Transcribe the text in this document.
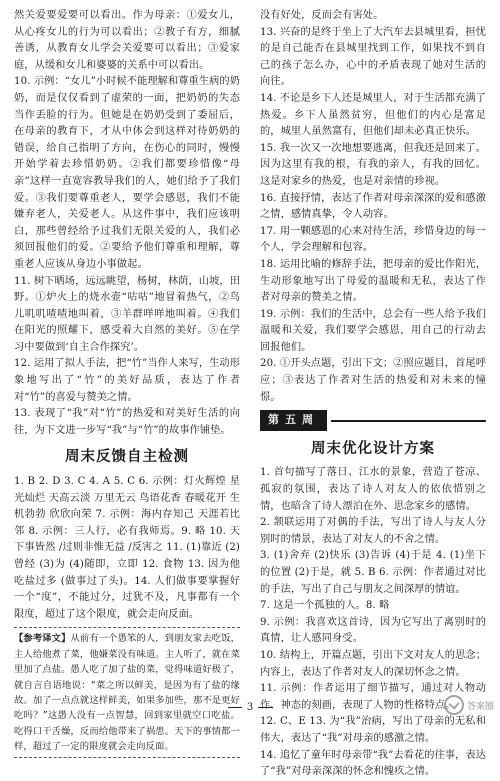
然关爱要爱要可以看出。作为母亲：①爱女儿，从心疼女儿的行为可以看出；②教子有方，细腻善诱，从教育女儿学会关爱要可以看出；③爱家庭，从缓和女儿和婆婆的关系中可以看出。

10. 示例：“女儿”小时候不能理解和尊重生病的奶奶，而是仅仅看到了虚荣的一面，把奶奶的失态当作丢脸的行为。但她是在奶奶受到了委屈后，在母亲的教育下，才从中体会到这样对待奶奶的错误，给自己指明了方向，在伤心的同时，慢慢开始学着去珍惜奶奶。②我们都要珍惜像“母亲”这样一直宽容教导我们的人，她们给予了我们爱。③我们要尊重老人，要学会感恩，我们不能嫌弃老人，关爱老人。从这件事中，我们应该明白，那些曾经给予过我们无限关爱的人，我们必须回报他们的爱。②要给予他们尊重和理解，尊重老人应该从身边小事做起。

11. 树下晒场，远远眺望，杨树，林荫，山坡，田野。①炉火上的烧水壶“咕咕”地冒着热气，②鸟儿叽叽喳喳地叫着，③羊群咩咩地叫着。④我们在阳光的照耀下，感受着大自然的美好。⑤在学习中要做到‘自主合作探究’。

12. 运用了拟人手法，把“竹”当作人来写，生动形象地写出了“竹”的美好品质，表达了作者对“竹”的喜爱与赞美之情。

13. 表现了“我”对“竹”的热爱和对美好生活的向往，为下文进一步写“我”与“竹”的故事作铺垫。

周末反馈自主检测

1. B 2. D 3. C 4. A 5. C 6. 示例：灯火辉煌 星光灿烂 天高云淡 万里无云 鸟语花香 春暖花开 生机勃勃 欣欣向荣 7. 示例：海内存知己 天涯若比邻 8. 示例：三人行，必有我师焉。9. 略 10. 天下事皆然 /过则非惟无益 /反害之 11. (1)靠近 (2)曾经 (3)为 (4)随即，立即 12. 食物 13. 因为他吃盐过多 (做事过了头)。14. 人们做事要掌握好一个“度”，不能过分，过犹不及，凡事都有一个限度，超过了这个限度，就会走向反面。

【参考译文】从前有一个愚笨的人，到朋友家去吃饭，主人给他煮了菜，他嫌菜没有味道。主人听了，就在菜里加了点盐。愚人吃了加了盐的菜，觉得味道好极了，就自言自语地说：“菜之所以鲜美，是因为有了盐的缘故。加了一点点就这样鲜美，如果多加些，那不是更好吃吗？”这愚人没有一点智慧，回到家里就空口吃盐。吃得口干舌燥，反而给他带来了祸患。天下的事情都一样，超过了一定的限度就会走向反面。

没有好处，反而会有害处。

13. 兴奋的是终于坐上了大汽车去县城里看，担忧的是自己能否在县城里找到工作，如果找不到自己的孩子怎么办，心中的矛盾表现了她对生活的向往。

14. 不论是乡下人还是城里人，对于生活都充满了热爱。乡下人虽然贫穷，但他们的内心是富足的，城里人虽然富有，但他们却未必真正快乐。

15. 我一次又一次地想要逃离，但我还是回来了。因为这里有我的根，有我的亲人，有我的回忆。这是对家乡的热爱，也是对亲情的珍视。

16. 直接抒情，表达了作者对母亲深深的爱和感激之情，感情真挚，令人动容。

17. 用一颗感恩的心来对待生活，珍惜身边的每一个人，学会理解和包容。

18. 运用比喻的修辞手法，把母亲的爱比作阳光，生动形象地写出了母爱的温暖和无私，表达了作者对母亲的赞美之情。

19. 示例：我们的生活中，总会有一些人给予我们温暖和关爱，我们要学会感恩，用自己的行动去回报他们。

20. ①开头点题，引出下文；②照应题目，首尾呼应；③表达了作者对生活的热爱和对未来的憧憬。

第五周
周末优化设计方案

1. 首句描写了落日、江水的景象，营造了苍凉、孤寂的氛围，表达了诗人对友人的依依惜别之情，也暗含了诗人漂泊在外、思念家乡的感情。

2. 颔联运用了对偶的手法，写出了诗人与友人分别时的情景，表达了对友人的不舍之情。

3. (1)舍弃 (2)快乐 (3)告诉 (4)于是 4. (1)坐下的位置 (2)于是，就 5. B 6. 示例：作者通过对比的手法，写出了自己与朋友之间深厚的情谊。

7. 这是一个孤独的人。8. 略

9. 示例：我喜欢这首诗，因为它写出了离别时的真情，让人感同身受。

10. 结构上，开篇点题，引出下文对友人的思念；内容上，表达了作者对友人的深切怀念之情。

11. 示例：作者运用了细节描写，通过对人物动作、神态的刻画，表现了人物的性格特点。

12. C、E 13. 为“我”治病，写出了母亲的无私和伟大，表达了“我”对母亲的感激之情。

14. 追忆了童年时母亲带“我”去看花的往事，表达了“我”对母亲深深的怀念和愧疚之情。

3	答案圈
